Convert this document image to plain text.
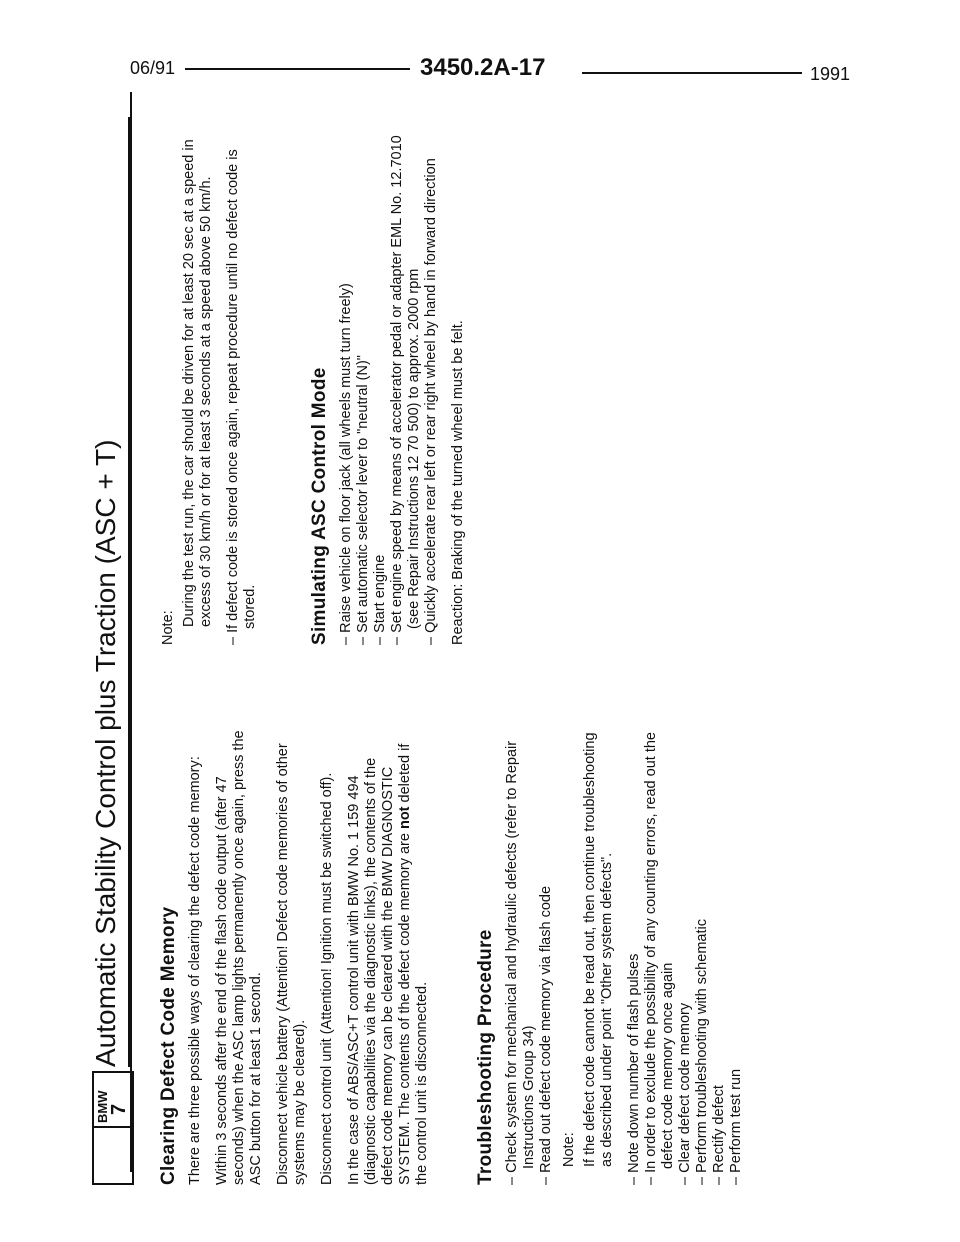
06/91	3450.2A-17	1991
BMW
7
Automatic Stability Control plus Traction (ASC + T) Clearing Defect Code Memory There are three possible ways of clearing the defect code memory: Within 3 seconds after the end of the flash code output (after 47 seconds) when the ASC lamp lights permanently once again, press the ASC button for at least 1 second. Disconnect vehicle battery (Attention! Defect code memories of other systems may be cleared). Disconnect control unit (Attention! Ignition must be switched off). In the case of ABS/ASC+T control unit with BMW No. 1 159 494 (diagnostic capabilities via the diagnostic links), the contents of the defect code memory can be cleared with the BMW DIAGNOSTIC SYSTEM. The contents of the defect code memory are not deleted if the control unit is disconnected. Troubleshooting Procedure – Check system for mechanical and hydraulic defects (refer to Repair Instructions Group 34) – Read out defect code memory via flash code Note: If the defect code cannot be read out, then continue troubleshooting as described under point "Other system defects". – Note down number of flash pulses – In order to exclude the possibility of any counting errors, read out the defect code memory once again – Clear defect code memory – Perform troubleshooting with schematic – Rectify defect – Perform test run

Note:

During the test run, the car should be driven for at least 20 sec at a speed in excess of 30 km/h or for at least 3 seconds at a speed above 50 km/h. – If defect code is stored once again, repeat procedure until no defect code is stored.	Simulating ASC Control Mode – Raise vehicle on floor jack (all wheels must turn freely) – Set automatic selector lever to "neutral (N)" – Start engine – Set engine speed by means of accelerator pedal or adapter EML No. 12.7010 (see Repair Instructions 12 70 500) to approx. 2000 rpm – Quickly accelerate rear left or rear right wheel by hand in forward direction Reaction: Braking of the turned wheel must be felt.
